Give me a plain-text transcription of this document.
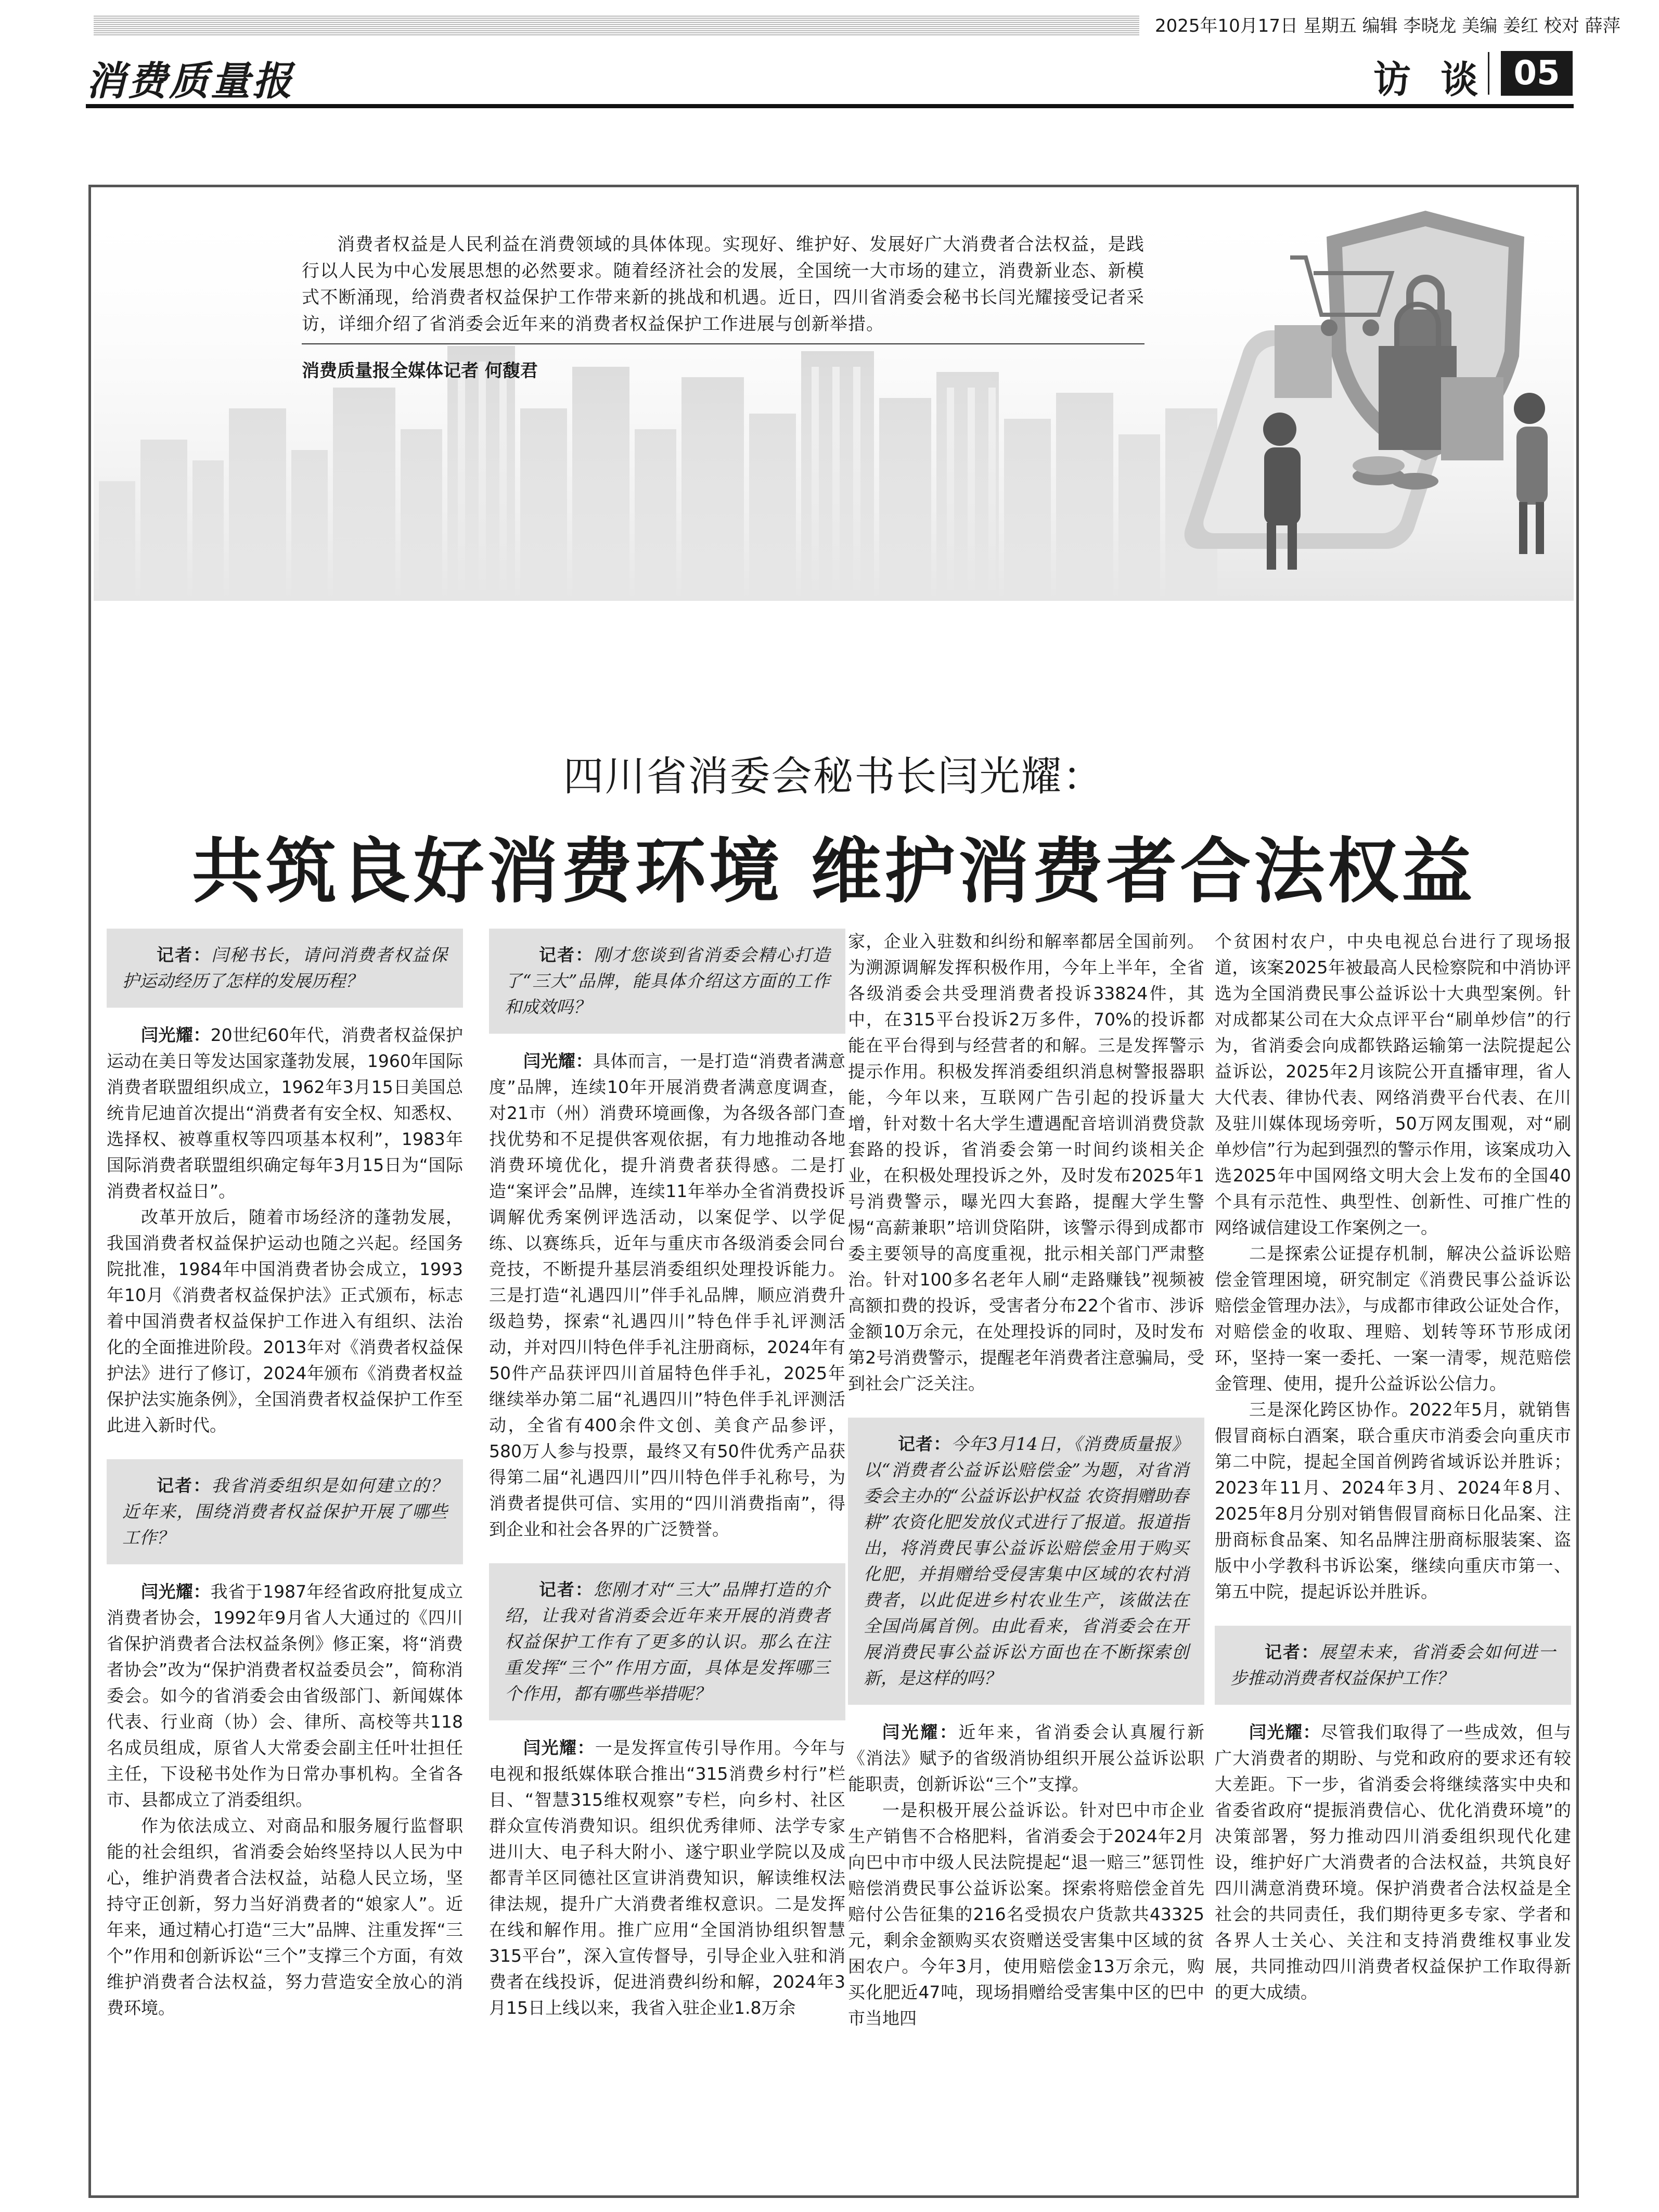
2025年10月17日 星期五 编辑 李晓龙 美编 姜红 校对 薛萍
消费质量报	访 谈 05
消费者权益是人民利益在消费领域的具体体现。实现好、维护好、发展好广大消费者合法权益，是践行以人民为中心发展思想的必然要求。随着经济社会的发展，全国统一大市场的建立，消费新业态、新模式不断涌现，给消费者权益保护工作带来新的挑战和机遇。近日，四川省消委会秘书长闫光耀接受记者采访，详细介绍了省消委会近年来的消费者权益保护工作进展与创新举措。
消费质量报全媒体记者 何馥君
四川省消委会秘书长闫光耀：
共筑良好消费环境 维护消费者合法权益
记者：闫秘书长，请问消费者权益保护运动经历了怎样的发展历程？

闫光耀：20世纪60年代，消费者权益保护运动在美日等发达国家蓬勃发展，1960年国际消费者联盟组织成立，1962年3月15日美国总统肯尼迪首次提出“消费者有安全权、知悉权、选择权、被尊重权等四项基本权利”，1983年国际消费者联盟组织确定每年3月15日为“国际消费者权益日”。

改革开放后，随着市场经济的蓬勃发展，我国消费者权益保护运动也随之兴起。经国务院批准，1984年中国消费者协会成立，1993年10月《消费者权益保护法》正式颁布，标志着中国消费者权益保护工作进入有组织、法治化的全面推进阶段。2013年对《消费者权益保护法》进行了修订，2024年颁布《消费者权益保护法实施条例》，全国消费者权益保护工作至此进入新时代。

记者：我省消委组织是如何建立的？近年来，围绕消费者权益保护开展了哪些工作？

闫光耀：我省于1987年经省政府批复成立消费者协会，1992年9月省人大通过的《四川省保护消费者合法权益条例》修正案，将“消费者协会”改为“保护消费者权益委员会”，简称消委会。如今的省消委会由省级部门、新闻媒体代表、行业商（协）会、律所、高校等共118名成员组成，原省人大常委会副主任叶壮担任主任，下设秘书处作为日常办事机构。全省各市、县都成立了消委组织。

作为依法成立、对商品和服务履行监督职能的社会组织，省消委会始终坚持以人民为中心，维护消费者合法权益，站稳人民立场，坚持守正创新，努力当好消费者的“娘家人”。近年来，通过精心打造“三大”品牌、注重发挥“三个”作用和创新诉讼“三个”支撑三个方面，有效维护消费者合法权益，努力营造安全放心的消费环境。

记者：刚才您谈到省消委会精心打造了“三大”品牌，能具体介绍这方面的工作和成效吗？

闫光耀：具体而言，一是打造“消费者满意度”品牌，连续10年开展消费者满意度调查，对21市（州）消费环境画像，为各级各部门查找优势和不足提供客观依据，有力地推动各地消费环境优化，提升消费者获得感。二是打造“案评会”品牌，连续11年举办全省消费投诉调解优秀案例评选活动，以案促学、以学促练、以赛练兵，近年与重庆市各级消委会同台竞技，不断提升基层消委组织处理投诉能力。三是打造“礼遇四川”伴手礼品牌，顺应消费升级趋势，探索“礼遇四川”特色伴手礼评测活动，并对四川特色伴手礼注册商标，2024年有50件产品获评四川首届特色伴手礼，2025年继续举办第二届“礼遇四川”特色伴手礼评测活动，全省有400余件文创、美食产品参评，580万人参与投票，最终又有50件优秀产品获得第二届“礼遇四川”四川特色伴手礼称号，为消费者提供可信、实用的“四川消费指南”，得到企业和社会各界的广泛赞誉。

记者：您刚才对“三大”品牌打造的介绍，让我对省消委会近年来开展的消费者权益保护工作有了更多的认识。那么在注重发挥“三个”作用方面，具体是发挥哪三个作用，都有哪些举措呢？

闫光耀：一是发挥宣传引导作用。今年与电视和报纸媒体联合推出“315消费乡村行”栏目、“智慧315维权观察”专栏，向乡村、社区群众宣传消费知识。组织优秀律师、法学专家进川大、电子科大附小、遂宁职业学院以及成都青羊区同德社区宣讲消费知识，解读维权法律法规，提升广大消费者维权意识。二是发挥在线和解作用。推广应用“全国消协组织智慧315平台”，深入宣传督导，引导企业入驻和消费者在线投诉，促进消费纠纷和解，2024年3月15日上线以来，我省入驻企业1.8万余

家，企业入驻数和纠纷和解率都居全国前列。为溯源调解发挥积极作用，今年上半年，全省各级消委会共受理消费者投诉33824件，其中，在315平台投诉2万多件，70%的投诉都能在平台得到与经营者的和解。三是发挥警示提示作用。积极发挥消委组织消息树警报器职能，今年以来，互联网广告引起的投诉量大增，针对数十名大学生遭遇配音培训消费贷款套路的投诉，省消委会第一时间约谈相关企业，在积极处理投诉之外，及时发布2025年1号消费警示，曝光四大套路，提醒大学生警惕“高薪兼职”培训贷陷阱，该警示得到成都市委主要领导的高度重视，批示相关部门严肃整治。针对100多名老年人刷“走路赚钱”视频被高额扣费的投诉，受害者分布22个省市、涉诉金额10万余元，在处理投诉的同时，及时发布第2号消费警示，提醒老年消费者注意骗局，受到社会广泛关注。

记者：今年3月14日，《消费质量报》以“消费者公益诉讼赔偿金”为题，对省消委会主办的“公益诉讼护权益 农资捐赠助春耕”农资化肥发放仪式进行了报道。报道指出，将消费民事公益诉讼赔偿金用于购买化肥，并捐赠给受侵害集中区域的农村消费者，以此促进乡村农业生产，该做法在全国尚属首例。由此看来，省消委会在开展消费民事公益诉讼方面也在不断探索创新，是这样的吗？

闫光耀：近年来，省消委会认真履行新《消法》赋予的省级消协组织开展公益诉讼职能职责，创新诉讼“三个”支撑。

一是积极开展公益诉讼。针对巴中市企业生产销售不合格肥料，省消委会于2024年2月向巴中市中级人民法院提起“退一赔三”惩罚性赔偿消费民事公益诉讼案。探索将赔偿金首先赔付公告征集的216名受损农户货款共43325元，剩余金额购买农资赠送受害集中区域的贫困农户。今年3月，使用赔偿金13万余元，购买化肥近47吨，现场捐赠给受害集中区的巴中市当地四

个贫困村农户，中央电视总台进行了现场报道，该案2025年被最高人民检察院和中消协评选为全国消费民事公益诉讼十大典型案例。针对成都某公司在大众点评平台“刷单炒信”的行为，省消委会向成都铁路运输第一法院提起公益诉讼，2025年2月该院公开直播审理，省人大代表、律协代表、网络消费平台代表、在川及驻川媒体现场旁听，50万网友围观，对“刷单炒信”行为起到强烈的警示作用，该案成功入选2025年中国网络文明大会上发布的全国40个具有示范性、典型性、创新性、可推广性的网络诚信建设工作案例之一。

二是探索公证提存机制，解决公益诉讼赔偿金管理困境，研究制定《消费民事公益诉讼赔偿金管理办法》，与成都市律政公证处合作，对赔偿金的收取、理赔、划转等环节形成闭环，坚持一案一委托、一案一清零，规范赔偿金管理、使用，提升公益诉讼公信力。

三是深化跨区协作。2022年5月，就销售假冒商标白酒案，联合重庆市消委会向重庆市第二中院，提起全国首例跨省域诉讼并胜诉；2023年11月、2024年3月、2024年8月、2025年8月分别对销售假冒商标日化品案、注册商标食品案、知名品牌注册商标服装案、盗版中小学教科书诉讼案，继续向重庆市第一、第五中院，提起诉讼并胜诉。

记者：展望未来，省消委会如何进一步推动消费者权益保护工作？

闫光耀：尽管我们取得了一些成效，但与广大消费者的期盼、与党和政府的要求还有较大差距。下一步，省消委会将继续落实中央和省委省政府“提振消费信心、优化消费环境”的决策部署，努力推动四川消委组织现代化建设，维护好广大消费者的合法权益，共筑良好四川满意消费环境。保护消费者合法权益是全社会的共同责任，我们期待更多专家、学者和各界人士关心、关注和支持消费维权事业发展，共同推动四川消费者权益保护工作取得新的更大成绩。
